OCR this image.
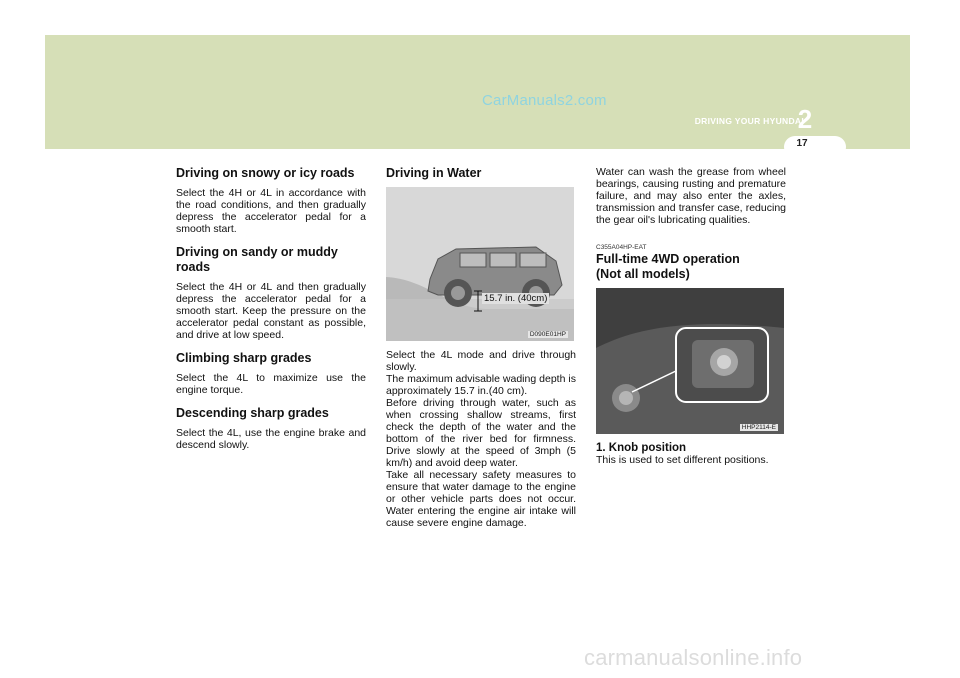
CarManuals2.com
DRIVING YOUR HYUNDAI
2
17
Driving on snowy or icy roads

Select the 4H or 4L in accordance with the road conditions, and then gradually depress the accelerator pedal for a smooth start.

Driving on sandy or muddy roads

Select the 4H or 4L and then gradually depress the accelerator pedal for a smooth start. Keep the pressure on the accelerator pedal constant as possible, and drive at low speed.

Climbing sharp grades

Select the 4L to maximize use the engine torque.

Descending sharp grades

Select the 4L, use the engine brake and descend slowly.

Driving in Water
15.7 in. (40cm)
D090E01HP

Select the 4L mode and drive through slowly.

The maximum advisable wading depth is approximately 15.7 in.(40 cm).

Before driving through water, such as when crossing shallow streams, first check the depth of the water and the bottom of the river bed for firmness. Drive slowly at the speed of 3mph (5 km/h) and avoid deep water.

Take all necessary safety measures to ensure that water damage to the engine or other vehicle parts does not occur. Water entering the engine air intake will cause severe engine damage.

Water can wash the grease from wheel bearings, causing rusting and premature failure, and may also enter the axles, transmission and transfer case, reducing the gear oil's lubricating qualities.

C355A04HP-EAT
Full-time 4WD operation
(Not all models)
HHP2114-E
1. Knob position

This is used to set different positions.

carmanualsonline.info
